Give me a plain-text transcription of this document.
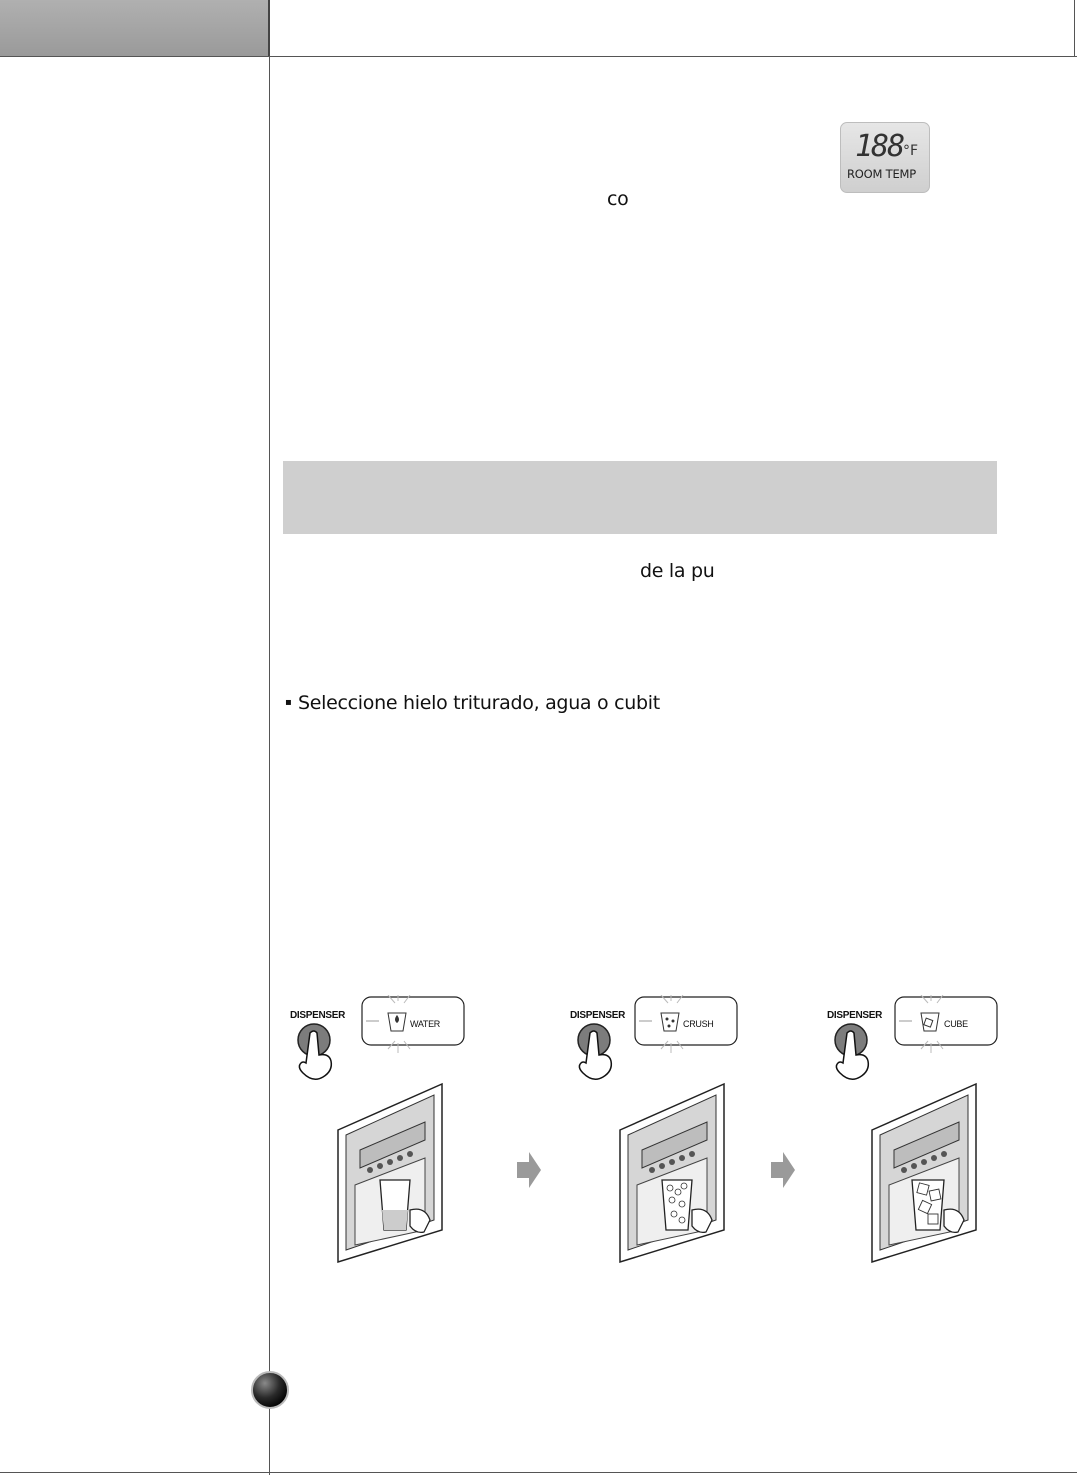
188 °F
ROOM TEMP
co
de la pu
▪ Seleccione hielo triturado, agua o cubit
DISPENSER
WATER
DISPENSER
CRUSH
DISPENSER
CUBE
